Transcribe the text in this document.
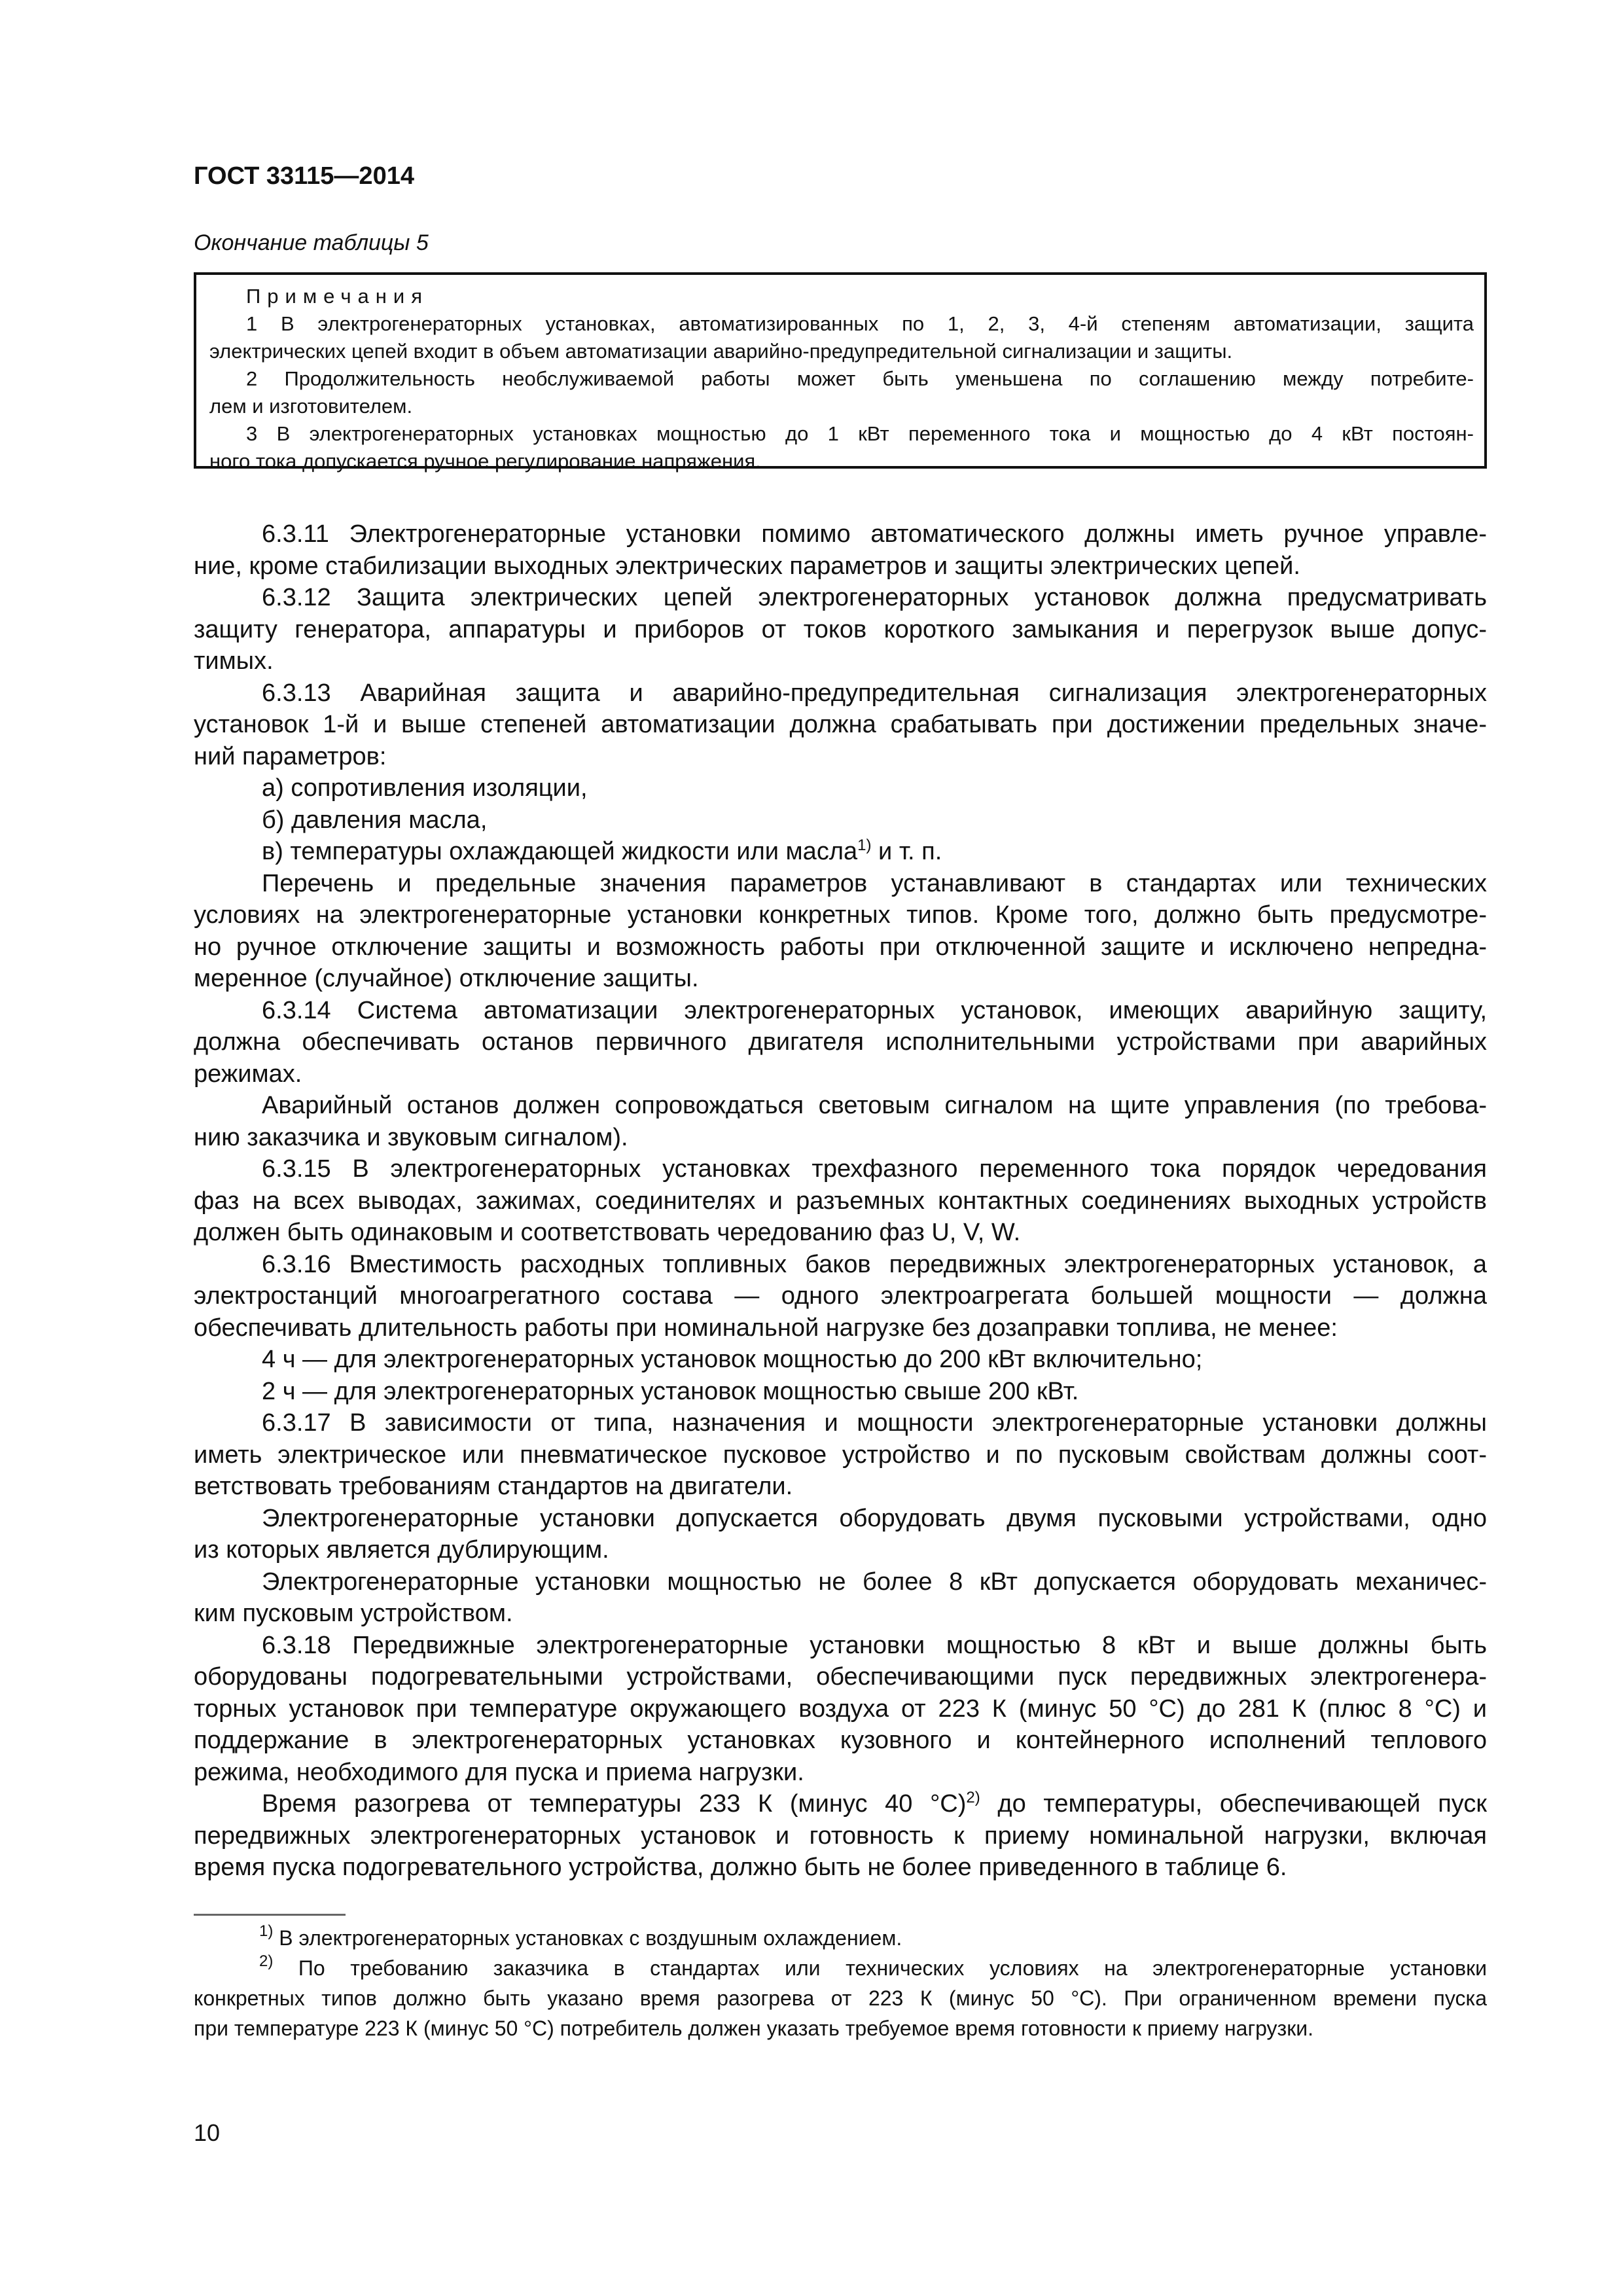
ГОСТ 33115—2014
Окончание таблицы 5
Примечания
1 В электрогенераторных установках, автоматизированных по 1, 2, 3, 4-й степеням автоматизации, защита
электрических цепей входит в объем автоматизации аварийно-предупредительной сигнализации и защиты.
2 Продолжительность необслуживаемой работы может быть уменьшена по соглашению между потребите-
лем и изготовителем.
3 В электрогенераторных установках мощностью до 1 кВт переменного тока и мощностью до 4 кВт постоян-
ного тока допускается ручное регулирование напряжения.
6.3.11 Электрогенераторные установки помимо автоматического должны иметь ручное управле-
ние, кроме стабилизации выходных электрических параметров и защиты электрических цепей.
6.3.12 Защита электрических цепей электрогенераторных установок должна предусматривать
защиту генератора, аппаратуры и приборов от токов короткого замыкания и перегрузок выше допус-
тимых.
6.3.13 Аварийная защита и аварийно-предупредительная сигнализация электрогенераторных
установок 1-й и выше степеней автоматизации должна срабатывать при достижении предельных значе-
ний параметров:
а) сопротивления изоляции,
б) давления масла,
в) температуры охлаждающей жидкости или масла$^{1)}$ и т. п.
Перечень и предельные значения параметров устанавливают в стандартах или технических
условиях на электрогенераторные установки конкретных типов. Кроме того, должно быть предусмотре-
но ручное отключение защиты и возможность работы при отключенной защите и исключено непредна-
меренное (случайное) отключение защиты.
6.3.14 Система автоматизации электрогенераторных установок, имеющих аварийную защиту,
должна обеспечивать останов первичного двигателя исполнительными устройствами при аварийных
режимах.
Аварийный останов должен сопровождаться световым сигналом на щите управления (по требова-
нию заказчика и звуковым сигналом).
6.3.15 В электрогенераторных установках трехфазного переменного тока порядок чередования
фаз на всех выводах, зажимах, соединителях и разъемных контактных соединениях выходных устройств
должен быть одинаковым и соответствовать чередованию фаз U, V, W.
6.3.16 Вместимость расходных топливных баков передвижных электрогенераторных установок, а
электростанций многоагрегатного состава — одного электроагрегата большей мощности — должна
обеспечивать длительность работы при номинальной нагрузке без дозаправки топлива, не менее:
4 ч — для электрогенераторных установок мощностью до 200 кВт включительно;
2 ч — для электрогенераторных установок мощностью свыше 200 кВт.
6.3.17 В зависимости от типа, назначения и мощности электрогенераторные установки должны
иметь электрическое или пневматическое пусковое устройство и по пусковым свойствам должны соот-
ветствовать требованиям стандартов на двигатели.
Электрогенераторные установки допускается оборудовать двумя пусковыми устройствами, одно
из которых является дублирующим.
Электрогенераторные установки мощностью не более 8 кВт допускается оборудовать механичес-
ким пусковым устройством.
6.3.18 Передвижные электрогенераторные установки мощностью 8 кВт и выше должны быть
оборудованы подогревательными устройствами, обеспечивающими пуск передвижных электрогенера-
торных установок при температуре окружающего воздуха от 223 К (минус 50 °С) до 281 К (плюс 8 °С) и
поддержание в электрогенераторных установках кузовного и контейнерного исполнений теплового
режима, необходимого для пуска и приема нагрузки.
Время разогрева от температуры 233 К (минус 40 °С)$^{2)}$ до температуры, обеспечивающей пуск
передвижных электрогенераторных установок и готовность к приему номинальной нагрузки, включая
время пуска подогревательного устройства, должно быть не более приведенного в таблице 6.
$^{1)}$ В электрогенераторных установках с воздушным охлаждением.
$^{2)}$ По требованию заказчика в стандартах или технических условиях на электрогенераторные установки
конкретных типов должно быть указано время разогрева от 223 К (минус 50 °С). При ограниченном времени пуска
при температуре 223 К (минус 50 °С) потребитель должен указать требуемое время готовности к приему нагрузки.
10
